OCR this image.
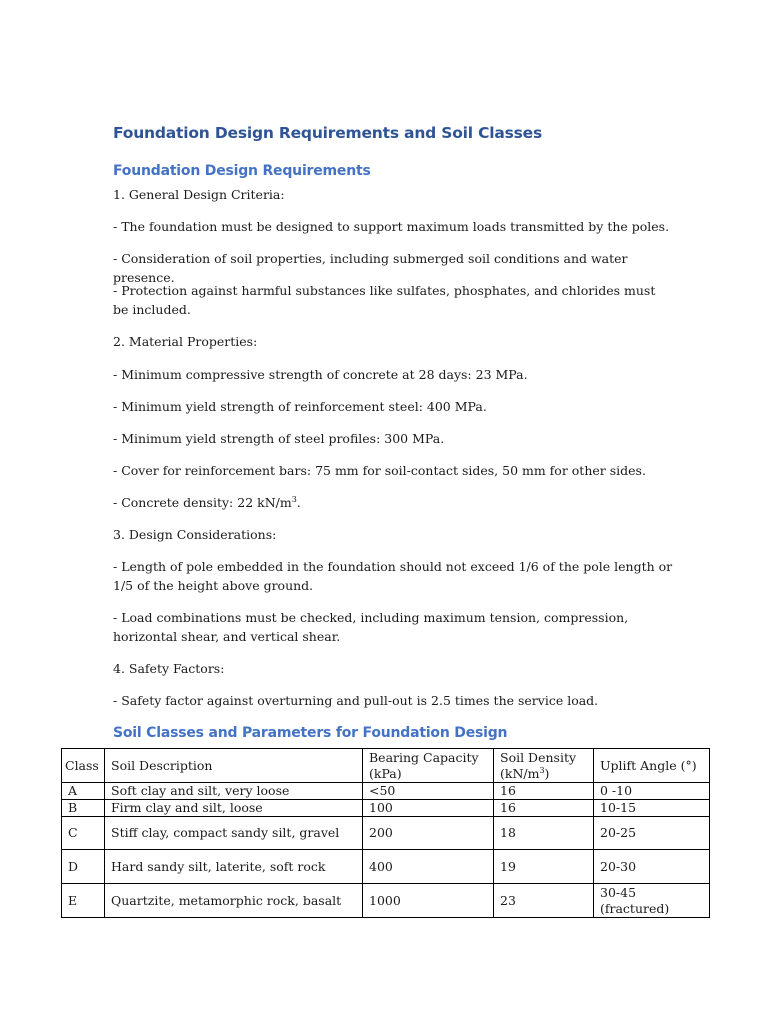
Foundation Design Requirements and Soil Classes
Foundation Design Requirements

1. General Design Criteria:

- The foundation must be designed to support maximum loads transmitted by the poles.

- Consideration of soil properties, including submerged soil conditions and water presence.

- Protection against harmful substances like sulfates, phosphates, and chlorides must be included.

2. Material Properties:

- Minimum compressive strength of concrete at 28 days: 23 MPa.

- Minimum yield strength of reinforcement steel: 400 MPa.

- Minimum yield strength of steel profiles: 300 MPa.

- Cover for reinforcement bars: 75 mm for soil-contact sides, 50 mm for other sides.

- Concrete density: 22 $kN/m^3$.

3. Design Considerations:

- Length of pole embedded in the foundation should not exceed 1/6 of the pole length or 1/5 of the height above ground.

- Load combinations must be checked, including maximum tension, compression, horizontal shear, and vertical shear.

4. Safety Factors:

- Safety factor against overturning and pull-out is 2.5 times the service load.

Soil Classes and Parameters for Foundation Design
Class	Soil Description	Bearing Capacity (kPa)	Soil Density $(kN/m^3)$	Uplift Angle (°)
A	Soft clay and silt, very loose	<50	16	0 -10
B	Firm clay and silt, loose	100	16	10-15
C	Stiff clay, compact sandy silt, gravel	200	18	20-25
D	Hard sandy silt, laterite, soft rock	400	19	20-30
E	Quartzite, metamorphic rock, basalt	1000	23	30-45 (fractured)
